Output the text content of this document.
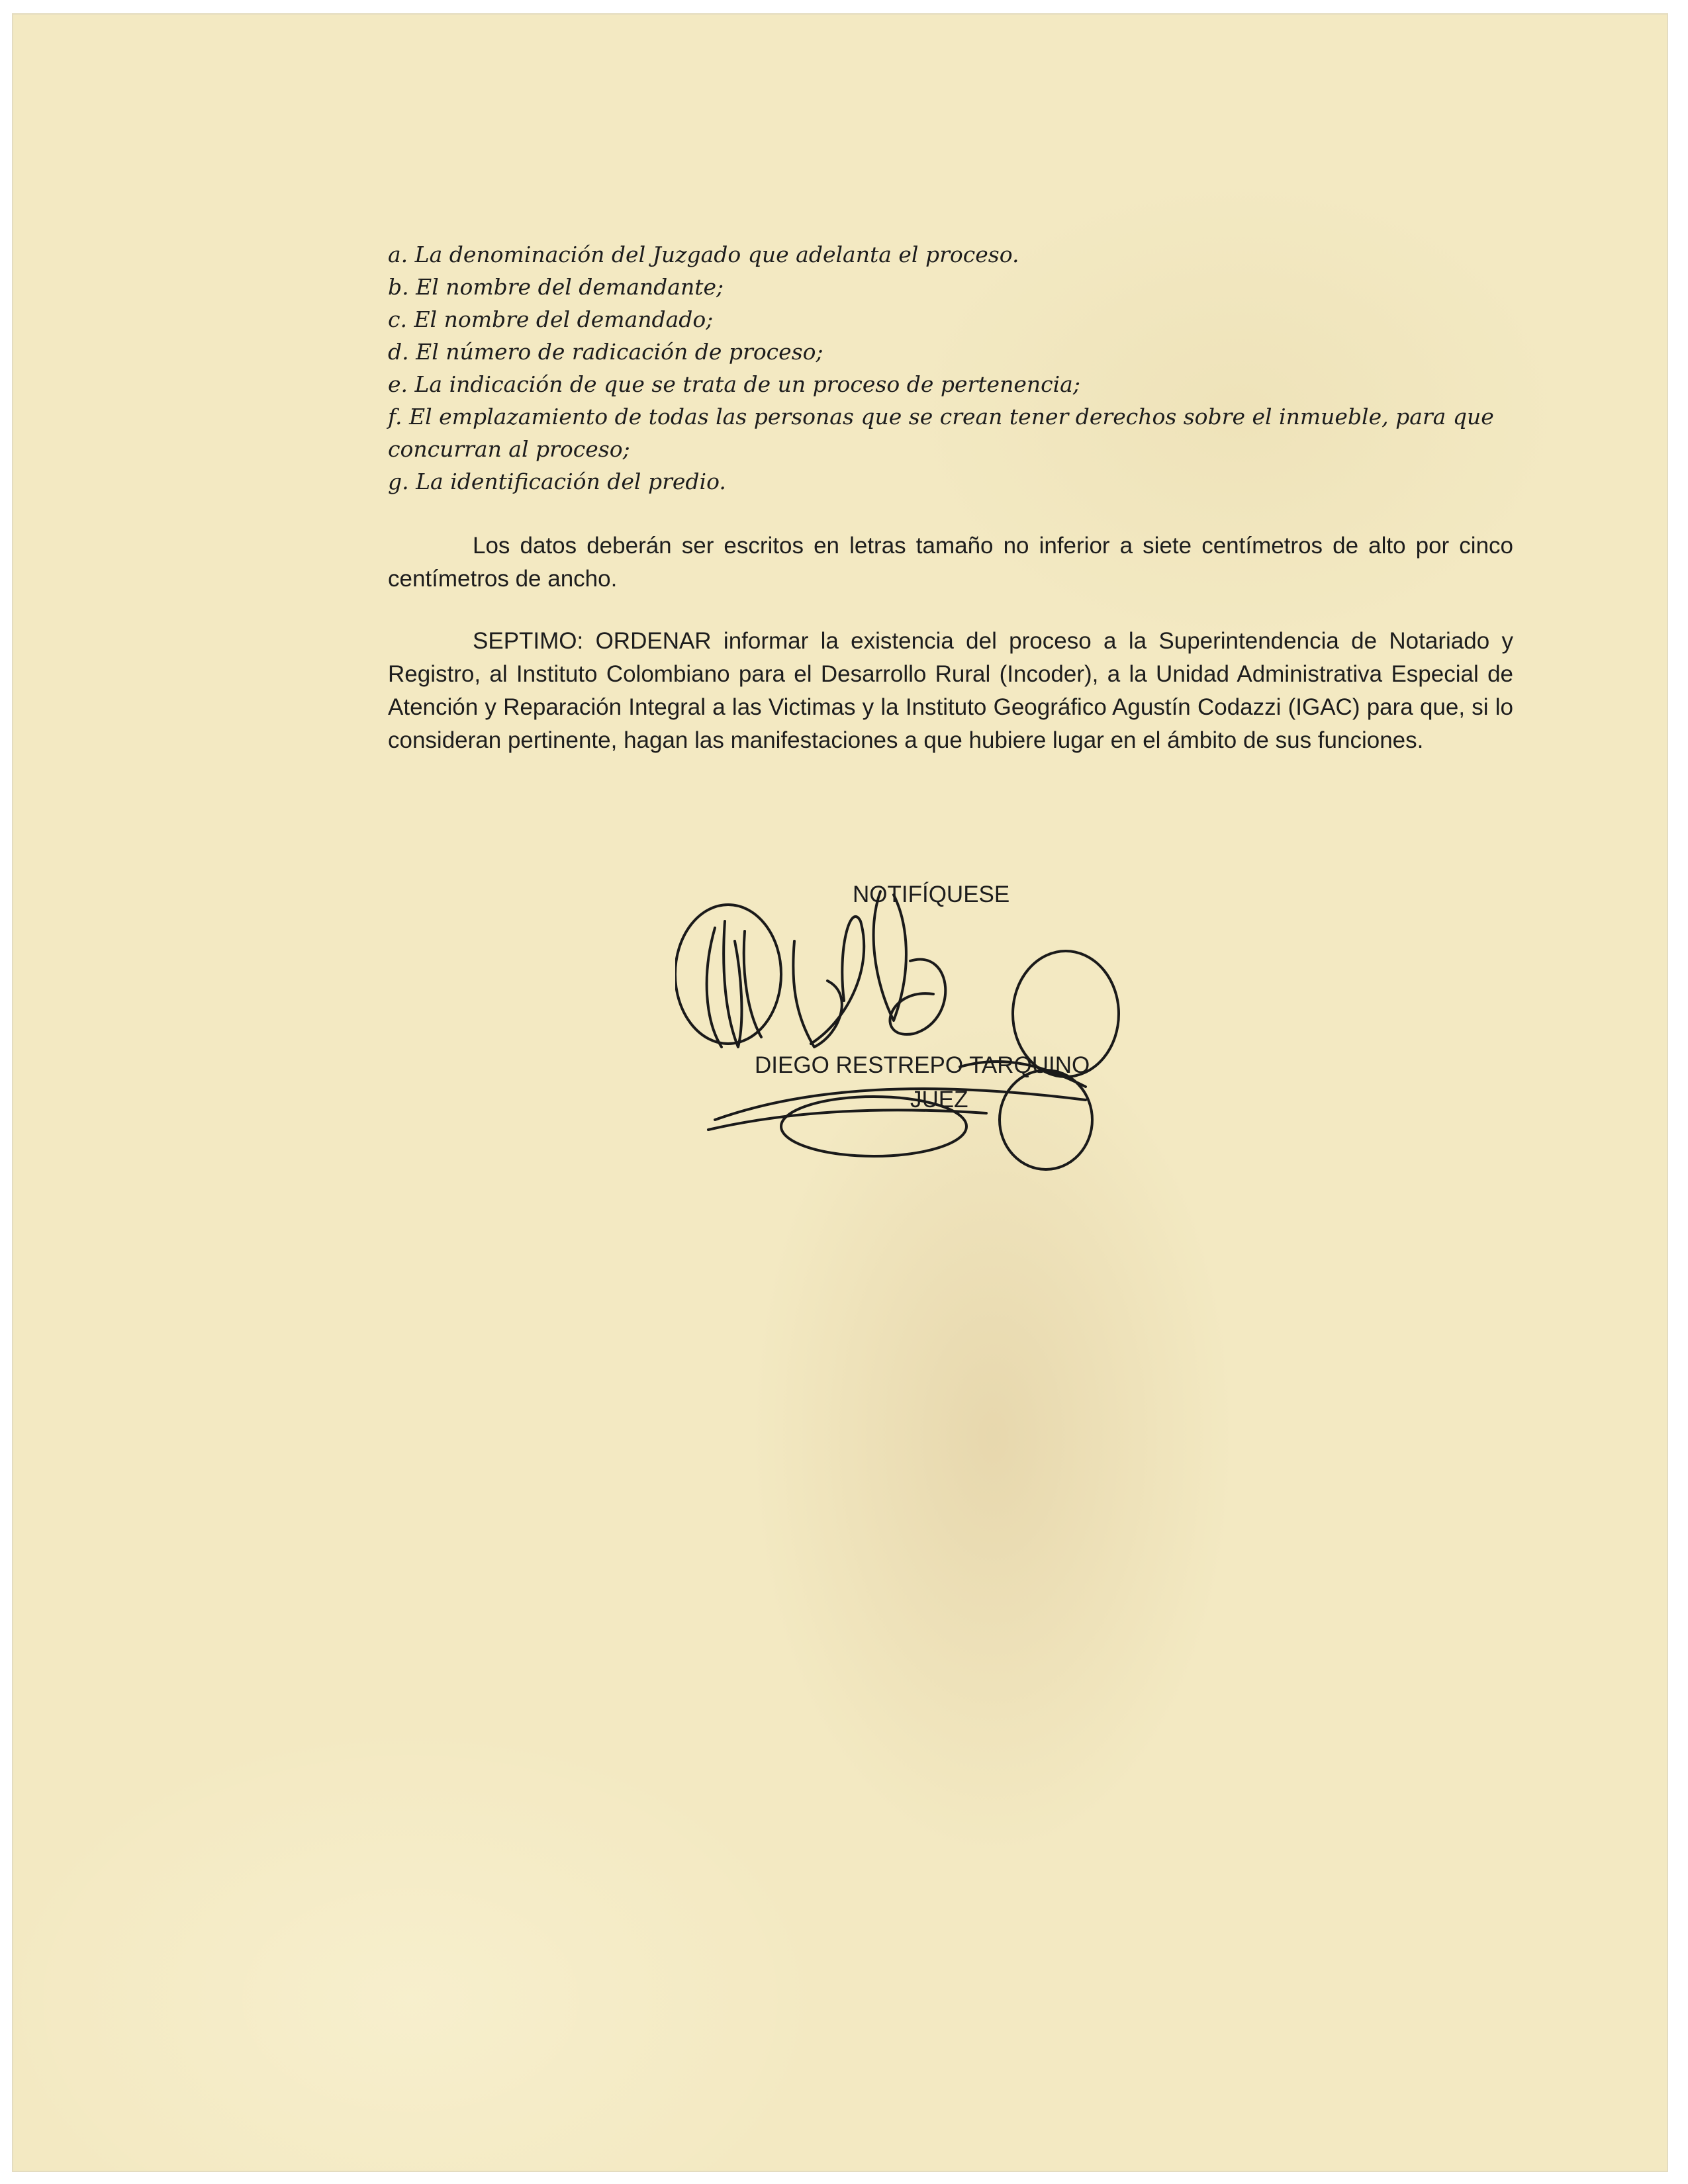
a. La denominación del Juzgado que adelanta el proceso.
b. El nombre del demandante;
c. El nombre del demandado;
d. El número de radicación de proceso;
e. La indicación de que se trata de un proceso de pertenencia;
f. El emplazamiento de todas las personas que se crean tener derechos sobre el inmueble, para que concurran al proceso;
g. La identificación del predio.

Los datos deberán ser escritos en letras tamaño no inferior a siete centímetros de alto por cinco centímetros de ancho.

SEPTIMO: ORDENAR informar la existencia del proceso a la Superintendencia de Notariado y Registro, al Instituto Colombiano para el Desarrollo Rural (Incoder), a la Unidad Administrativa Especial de Atención y Reparación Integral a las Victimas y la Instituto Geográfico Agustín Codazzi (IGAC) para que, si lo consideran pertinente, hagan las manifestaciones a que hubiere lugar en el ámbito de sus funciones.

NOTIFÍQUESE
DIEGO RESTREPO TARQUINO
JUEZ
